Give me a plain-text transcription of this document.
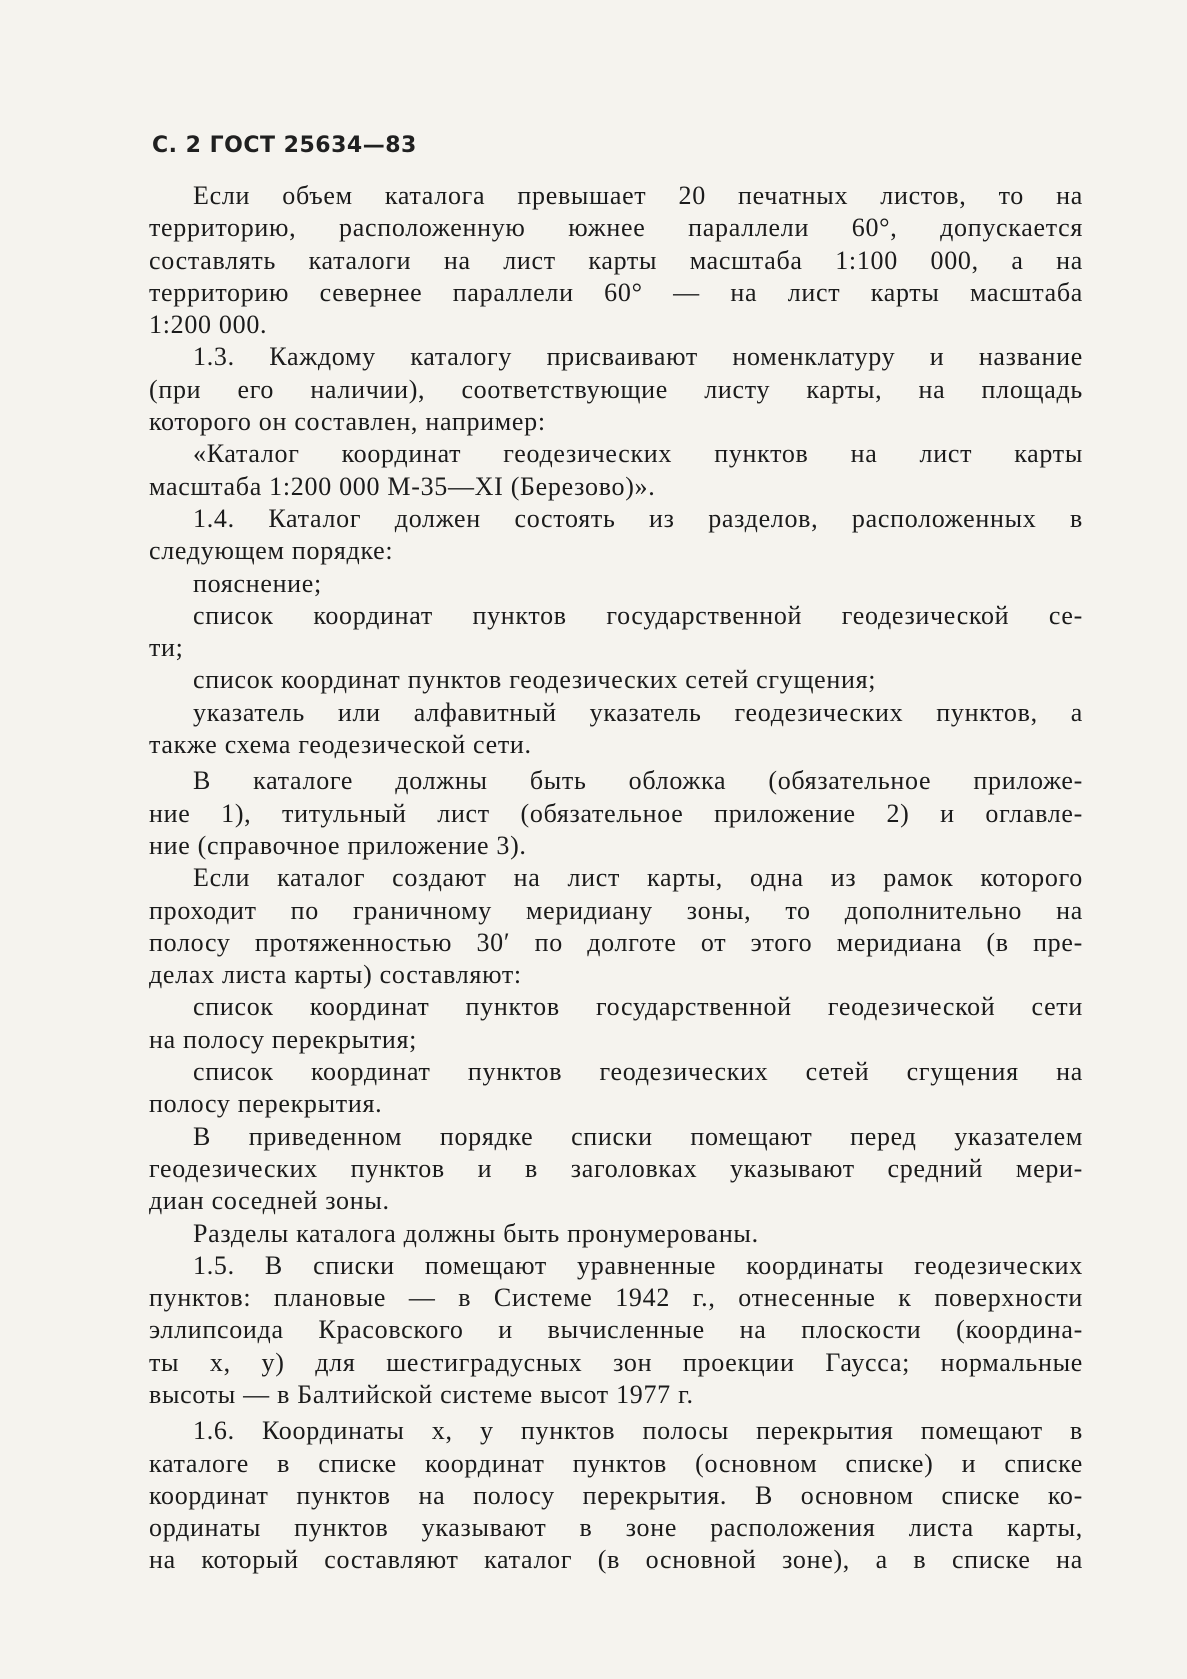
С. 2 ГОСТ 25634—83
Если объем каталога превышает 20 печатных листов, то на
территорию, расположенную южнее параллели 60°, допускается
составлять каталоги на лист карты масштаба 1:100 000, а на
территорию севернее параллели 60° — на лист карты масштаба
1:200 000.
1.3. Каждому каталогу присваивают номенклатуру и название
(при его наличии), соответствующие листу карты, на площадь
которого он составлен, например:
«Каталог координат геодезических пунктов на лист карты
масштаба 1:200 000 М-35—XI (Березово)».
1.4. Каталог должен состоять из разделов, расположенных в
следующем порядке:
пояснение;
список координат пунктов государственной геодезической се-
ти;
список координат пунктов геодезических сетей сгущения;
указатель или алфавитный указатель геодезических пунктов, а
также схема геодезической сети.
В каталоге должны быть обложка (обязательное приложе-
ние 1), титульный лист (обязательное приложение 2) и оглавле-
ние (справочное приложение 3).
Если каталог создают на лист карты, одна из рамок которого
проходит по граничному меридиану зоны, то дополнительно на
полосу протяженностью 30′ по долготе от этого меридиана (в пре-
делах листа карты) составляют:
список координат пунктов государственной геодезической сети
на полосу перекрытия;
список координат пунктов геодезических сетей сгущения на
полосу перекрытия.
В приведенном порядке списки помещают перед указателем
геодезических пунктов и в заголовках указывают средний мери-
диан соседней зоны.
Разделы каталога должны быть пронумерованы.
1.5. В списки помещают уравненные координаты геодезических
пунктов: плановые — в Системе 1942 г., отнесенные к поверхности
эллипсоида Красовского и вычисленные на плоскости (координа-
ты x, y) для шестиградусных зон проекции Гаусса; нормальные
высоты — в Балтийской системе высот 1977 г.
1.6. Координаты x, y пунктов полосы перекрытия помещают в
каталоге в списке координат пунктов (основном списке) и списке
координат пунктов на полосу перекрытия. В основном списке ко-
ординаты пунктов указывают в зоне расположения листа карты,
на который составляют каталог (в основной зоне), а в списке на
